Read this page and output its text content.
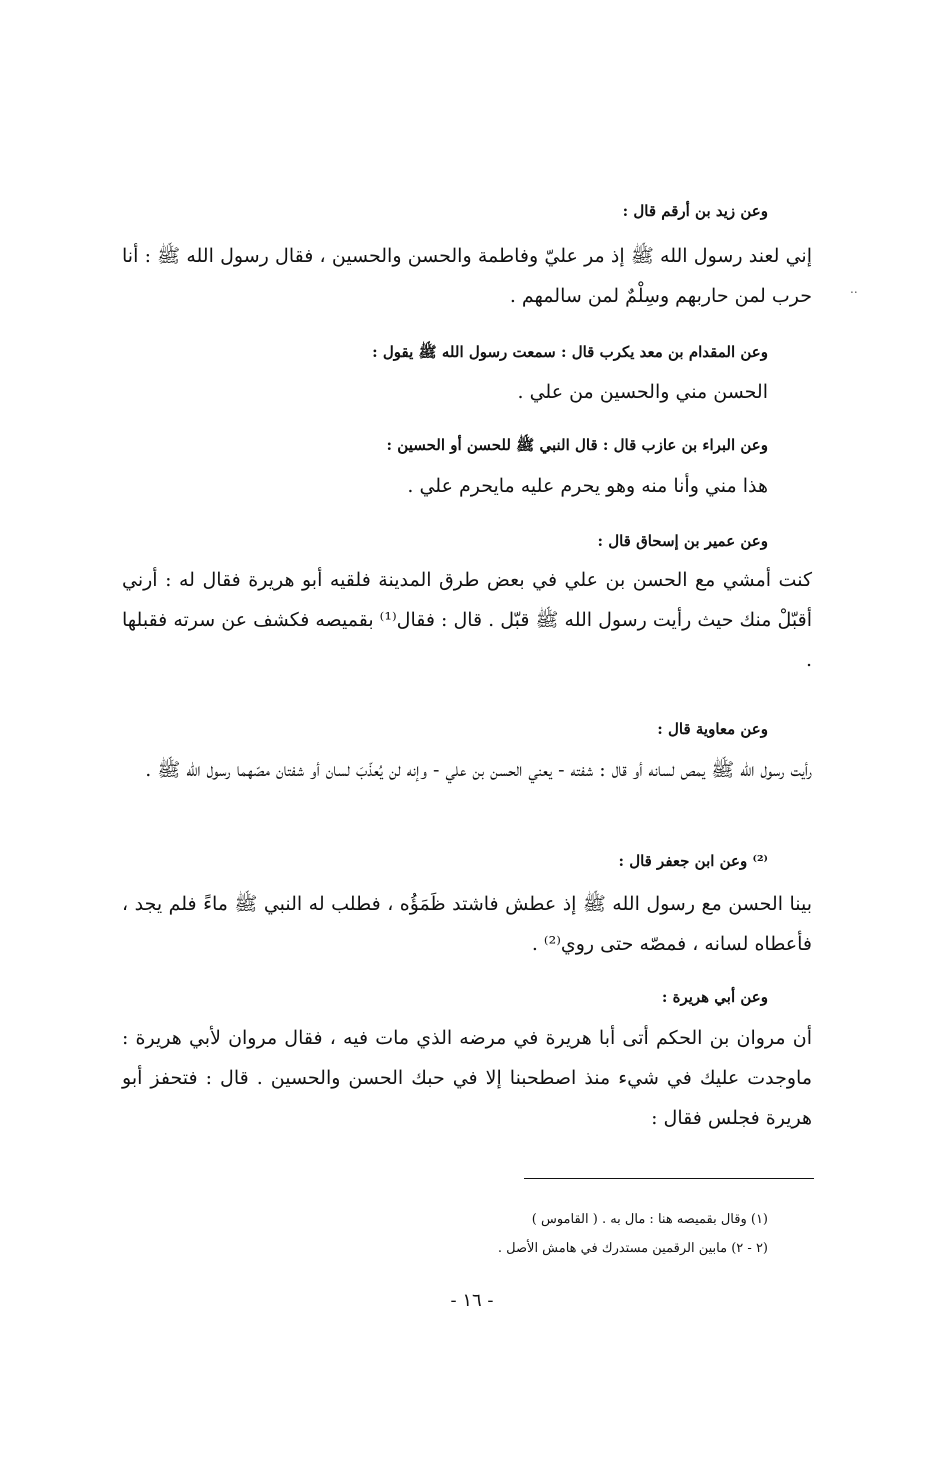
..
وعن زيد بن أرقم قال :
إني لعند رسول الله ﷺ إذ مر عليّ وفاطمة والحسن والحسين ، فقال رسول الله ﷺ : أنا حرب لمن حاربهم وسِلْمٌ لمن سالمهم .
وعن المقدام بن معد يكرب قال : سمعت رسول الله ﷺ يقول :
الحسن مني والحسين من علي .
وعن البراء بن عازب قال : قال النبي ﷺ للحسن أو الحسين :
هذا مني وأنا منه وهو يحرم عليه مايحرم علي .
وعن عمير بن إسحاق قال :
كنت أمشي مع الحسن بن علي في بعض طرق المدينة فلقيه أبو هريرة فقال له : أرني أقبّلْ منك حيث رأيت رسول الله ﷺ قبّل . قال : فقال⁽¹⁾ بقميصه فكشف عن سرته فقبلها .
وعن معاوية قال :
رأيت رسول الله ﷺ يمص لسانه أو قال : شفته - يعني الحسن بن علي - وإنه لن يُعذّبَ لسان أو شفتان مصّهما رسول الله ﷺ .
⁽²⁾ وعن ابن جعفر قال :
بينا الحسن مع رسول الله ﷺ إذ عطش فاشتد ظَمَؤُه ، فطلب له النبي ﷺ ماءً فلم يجد ، فأعطاه لسانه ، فمصّه حتى روي⁽²⁾ .
وعن أبي هريرة :
أن مروان بن الحكم أتى أبا هريرة في مرضه الذي مات فيه ، فقال مروان لأبي هريرة : ماوجدت عليك في شيء منذ اصطحبنا إلا في حبك الحسن والحسين . قال : فتحفز أبو هريرة فجلس فقال :
(١) وقال بقميصه هنا : مال به . ( القاموس )
(٢ - ٢) مابين الرقمين مستدرك في هامش الأصل .
- ١٦ -
